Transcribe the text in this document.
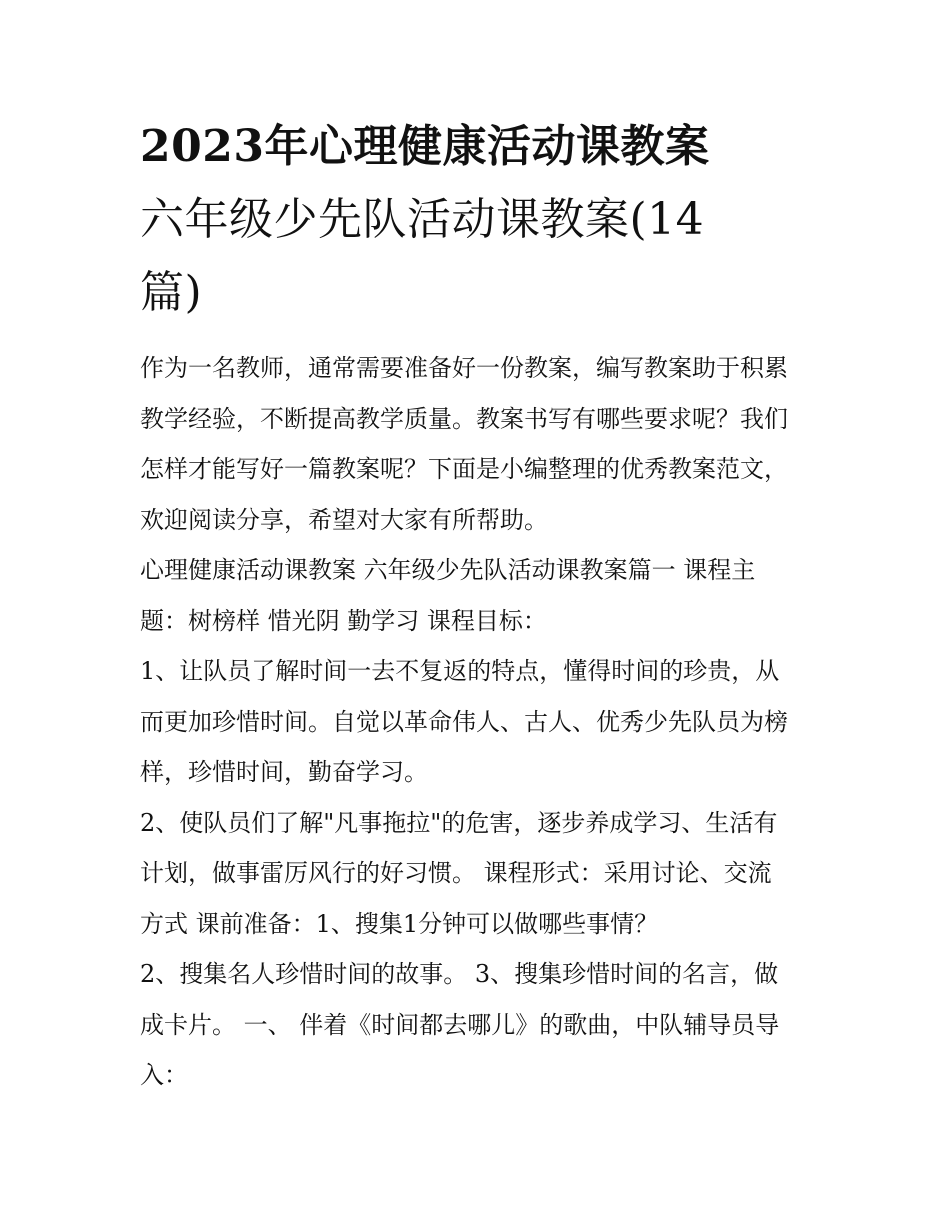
2023年心理健康活动课教案
六年级少先队活动课教案(14
篇)

作为一名教师，通常需要准备好一份教案，编写教案助于积累
教学经验，不断提高教学质量。教案书写有哪些要求呢？我们
怎样才能写好一篇教案呢？下面是小编整理的优秀教案范文，
欢迎阅读分享，希望对大家有所帮助。

心理健康活动课教案 六年级少先队活动课教案篇一 课程主
题：树榜样 惜光阴 勤学习 课程目标：

1、让队员了解时间一去不复返的特点，懂得时间的珍贵，从
而更加珍惜时间。自觉以革命伟人、古人、优秀少先队员为榜
样，珍惜时间，勤奋学习。

2、使队员们了解"凡事拖拉"的危害，逐步养成学习、生活有
计划，做事雷厉风行的好习惯。 课程形式：采用讨论、交流
方式 课前准备：1、搜集1分钟可以做哪些事情？

2、搜集名人珍惜时间的故事。 3、搜集珍惜时间的名言，做
成卡片。 一、 伴着《时间都去哪儿》的歌曲，中队辅导员导
入：
